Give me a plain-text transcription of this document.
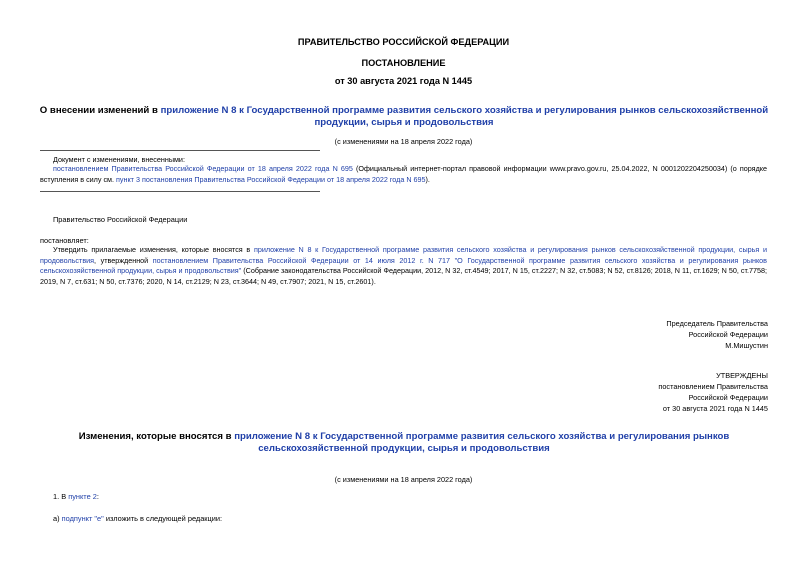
ПРАВИТЕЛЬСТВО РОССИЙСКОЙ ФЕДЕРАЦИИ
ПОСТАНОВЛЕНИЕ
от 30 августа 2021 года N 1445
О внесении изменений в приложение N 8 к Государственной программе развития сельского хозяйства и регулирования рынков сельскохозяйственной продукции, сырья и продовольствия
(с изменениями на 18 апреля 2022 года)
Документ с изменениями, внесенными:
постановлением Правительства Российской Федерации от 18 апреля 2022 года N 695 (Официальный интернет-портал правовой информации www.pravo.gov.ru, 25.04.2022, N 0001202204250034) (о порядке вступления в силу см. пункт 3 постановления Правительства Российской Федерации от 18 апреля 2022 года N 695).
Правительство Российской Федерации
постановляет:
Утвердить прилагаемые изменения, которые вносятся в приложение N 8 к Государственной программе развития сельского хозяйства и регулирования рынков сельскохозяйственной продукции, сырья и продовольствия, утвержденной постановлением Правительства Российской Федерации от 14 июля 2012 г. N 717 "О Государственной программе развития сельского хозяйства и регулирования рынков сельскохозяйственной продукции, сырья и продовольствия" (Собрание законодательства Российской Федерации, 2012, N 32, ст.4549; 2017, N 15, ст.2227; N 32, ст.5083; N 52, ст.8126; 2018, N 11, ст.1629; N 50, ст.7758; 2019, N 7, ст.631; N 50, ст.7376; 2020, N 14, ст.2129; N 23, ст.3644; N 49, ст.7907; 2021, N 15, ст.2601).
Председатель Правительства
Российской Федерации
М.Мишустин
УТВЕРЖДЕНЫ
постановлением Правительства
Российской Федерации
от 30 августа 2021 года N 1445
Изменения, которые вносятся в приложение N 8 к Государственной программе развития сельского хозяйства и регулирования рынков сельскохозяйственной продукции, сырья и продовольствия
(с изменениями на 18 апреля 2022 года)
1. В пункте 2:
а) подпункт "е" изложить в следующей редакции:
